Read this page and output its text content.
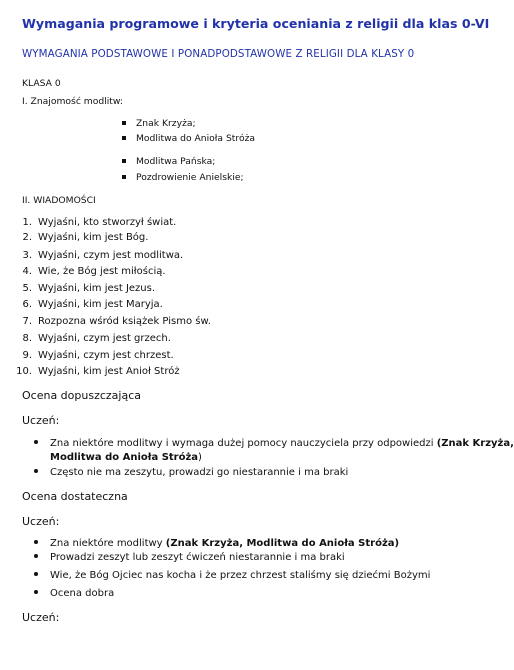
Wymagania programowe i kryteria oceniania z religii dla klas 0-VI
WYMAGANIA PODSTAWOWE I PONADPODSTAWOWE Z RELIGII DLA KLASY 0
KLASA 0
I. Znajomość modlitw:
Znak Krzyża;
Modlitwa do Anioła Stróża
Modlitwa Pańska;
Pozdrowienie Anielskie;
II. WIADOMOŚCI
1. Wyjaśni, kto stworzył świat.
2. Wyjaśni, kim jest Bóg.
3. Wyjaśni, czym jest modlitwa.
4. Wie, że Bóg jest miłością.
5. Wyjaśni, kim jest Jezus.
6. Wyjaśni, kim jest Maryja.
7. Rozpozna wśród książek Pismo św.
8. Wyjaśni, czym jest grzech.
9. Wyjaśni, czym jest chrzest.
10. Wyjaśni, kim jest Anioł Stróż
Ocena dopuszczająca
Uczeń:
Zna niektóre modlitwy i wymaga dużej pomocy nauczyciela przy odpowiedzi (Znak Krzyża,
Modlitwa do Anioła Stróża)
Często nie ma zeszytu, prowadzi go niestarannie i ma braki
Ocena dostateczna
Uczeń:
Zna niektóre modlitwy (Znak Krzyża, Modlitwa do Anioła Stróża)
Prowadzi zeszyt lub zeszyt ćwiczeń niestarannie i ma braki
Wie, że Bóg Ojciec nas kocha i że przez chrzest staliśmy się dziećmi Bożymi
Ocena dobra
Uczeń:
